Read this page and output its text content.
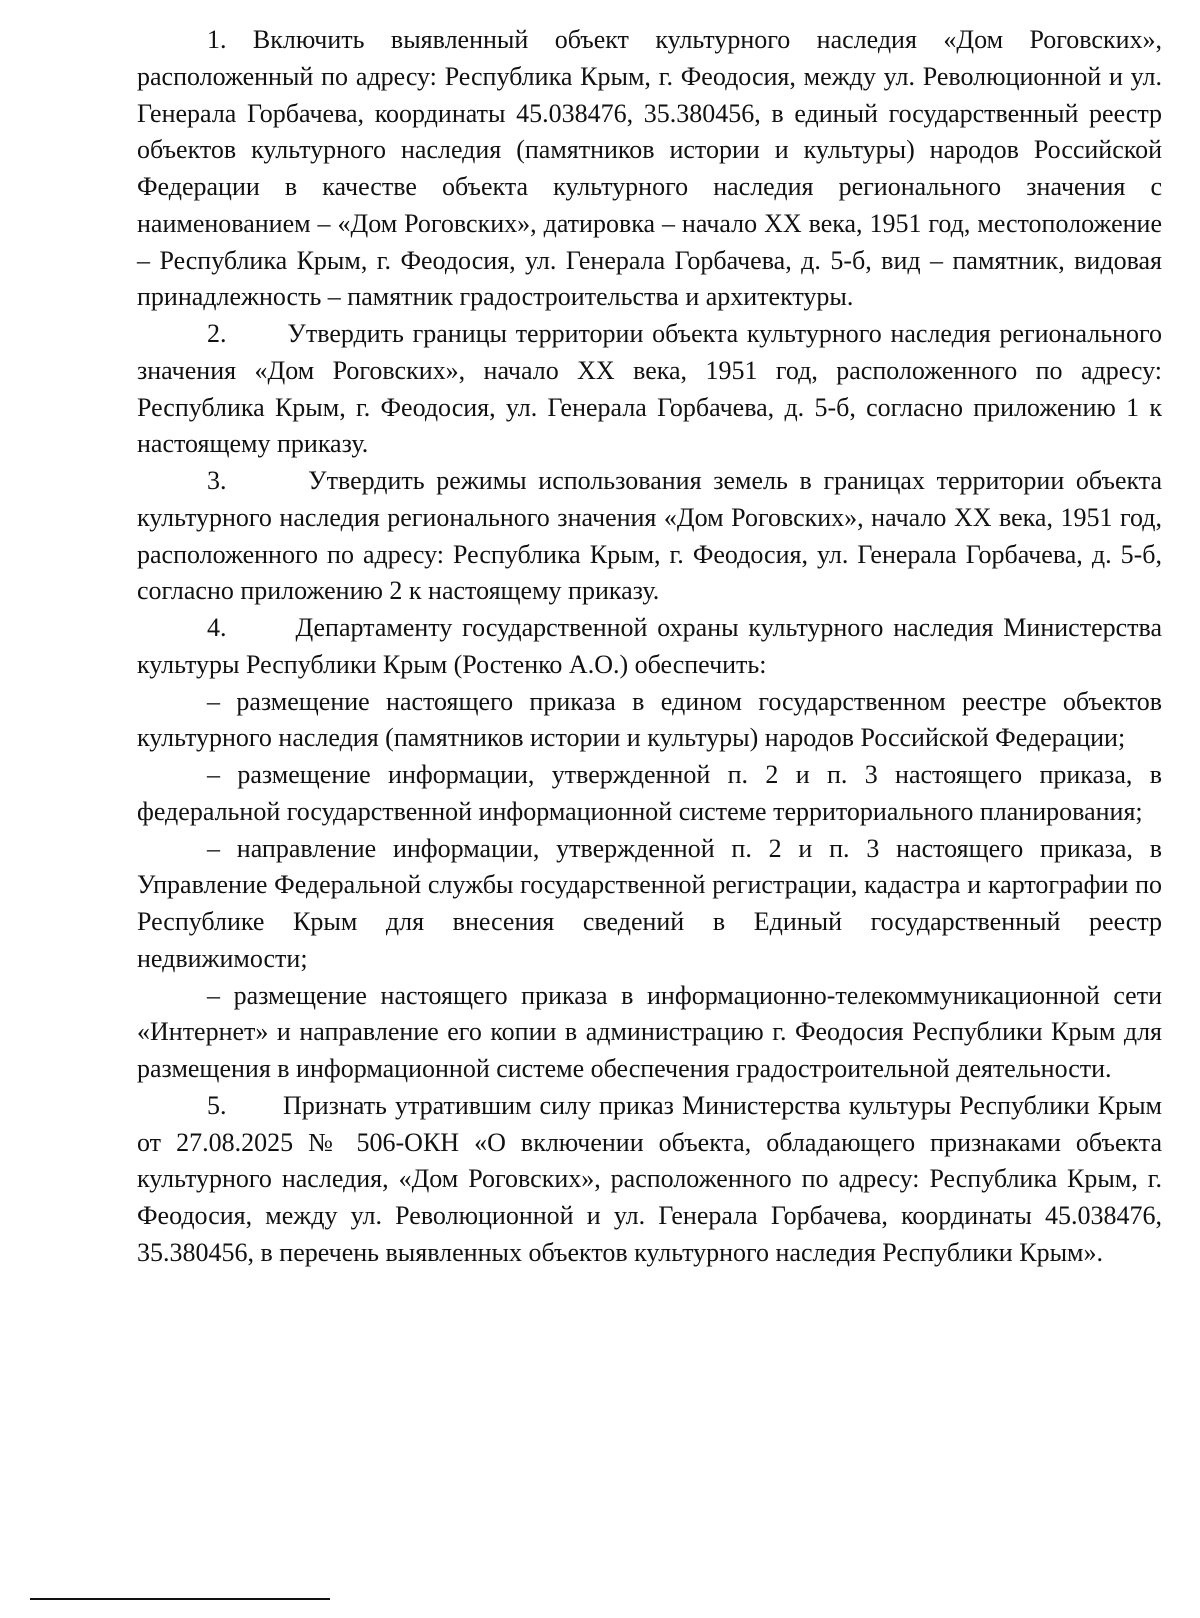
1. Включить выявленный объект культурного наследия «Дом Роговских», расположенный по адресу: Республика Крым, г. Феодосия, между ул. Революционной и ул. Генерала Горбачева, координаты 45.038476, 35.380456, в единый государственный реестр объектов культурного наследия (памятников истории и культуры) народов Российской Федерации в качестве объекта культурного наследия регионального значения с наименованием – «Дом Роговских», датировка – начало XX века, 1951 год, местоположение – Республика Крым, г. Феодосия, ул. Генерала Горбачева, д. 5-б, вид – памятник, видовая принадлежность – памятник градостроительства и архитектуры.

2. Утвердить границы территории объекта культурного наследия регионального значения «Дом Роговских», начало XX века, 1951 год, расположенного по адресу: Республика Крым, г. Феодосия, ул. Генерала Горбачева, д. 5-б, согласно приложению 1 к настоящему приказу.

3.	Утвердить режимы использования земель в границах территории объекта культурного наследия регионального значения «Дом Роговских», начало XX века, 1951 год, расположенного по адресу: Республика Крым, г. Феодосия, ул. Генерала Горбачева, д. 5-б, согласно приложению 2 к настоящему приказу.

4.	Департаменту государственной охраны культурного наследия Министерства культуры Республики Крым (Ростенко А.О.) обеспечить:

– размещение настоящего приказа в едином государственном реестре объектов культурного наследия (памятников истории и культуры) народов Российской Федерации;

– размещение информации, утвержденной п. 2 и п. 3 настоящего приказа, в федеральной государственной информационной системе территориального планирования;

– направление информации, утвержденной п. 2 и п. 3 настоящего приказа, в Управление Федеральной службы государственной регистрации, кадастра и картографии по Республике Крым для внесения сведений в Единый государственный реестр недвижимости;

– размещение настоящего приказа в информационно-телекоммуникационной сети «Интернет» и направление его копии в администрацию г. Феодосия Республики Крым для размещения в информационной системе обеспечения градостроительной деятельности.

5. Признать утратившим силу приказ Министерства культуры Республики Крым от 27.08.2025 № 506-ОКН «О включении объекта, обладающего признаками объекта культурного наследия, «Дом Роговских», расположенного по адресу: Республика Крым, г. Феодосия, между ул. Революционной и ул. Генерала Горбачева, координаты 45.038476, 35.380456, в перечень выявленных объектов культурного наследия Республики Крым».
